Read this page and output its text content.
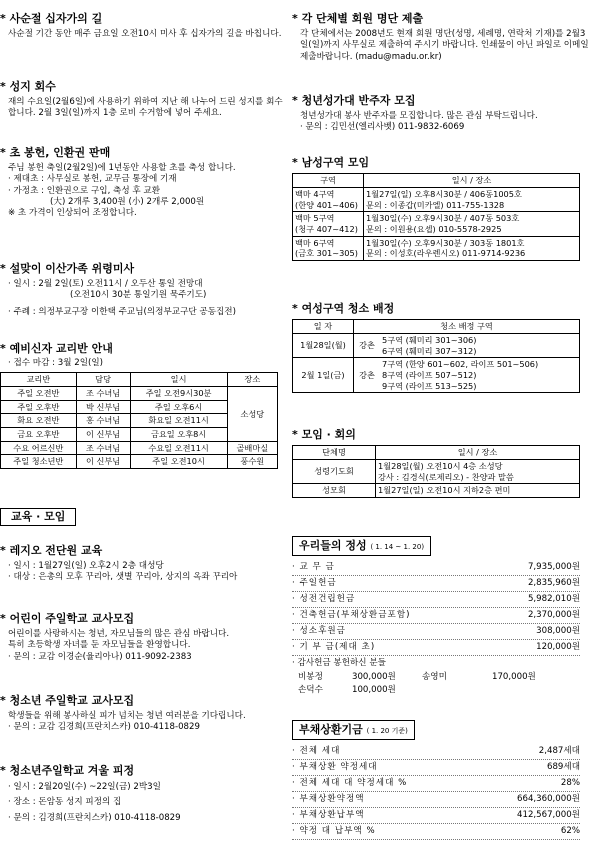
* 사순절 십자가의 길

사순절 기간 동안 매주 금요일 오전10시 미사 후 십자가의 길을 바칩니다.

* 성지 회수

재의 수요일(2월6일)에 사용하기 위하여 지난 해 나누어 드린 성지를 회수 합니다. 2월 3일(일)까지 1층 로비 수거함에 넣어 주세요.

* 초 봉헌, 인환권 판매

주님 봉헌 축일(2월2일)에 1년동안 사용할 초를 축성 합니다.

· 제대초 : 사무실로 봉헌, 교무금 통장에 기재

· 가정초 : 인환권으로 구입, 축성 후 교환

(大) 2개루 3,400원 (小) 2개루 2,000원

※ 초 가격이 인상되어 조정합니다.

* 설맞이 이산가족 위령미사

· 일시 : 2월 2일(토) 오전11시 / 오두산 통일 전망대

(오전10시 30분 통일기원 묵주기도)

· 주례 : 의정부교구장 이한택 주교님(의정부교구단 공동집전)

* 예비신자 교리반 안내

· 접수 마감 : 3월 2일(일)

교리반	담당	일시	장소
주일 오전반	조 수녀님	주일 오전9시30분	소성당
주일 오후반	박 신부님	주일 오후6시	
화요 오전반	홍 수녀님	화요일 오전11시	
금요 오후반	이 신부님	금요일 오후8시	
수요 어르신반	조 수녀님	수요일 오전11시	골배마실
주일 청소년반	이 신부님	주일 오전10시	풍수원
교육 · 모임

* 레지오 전단원 교육

· 일시 : 1월27일(일) 오후2시 2층 대성당

· 대상 : 은총의 모후 꾸리아, 샛별 꾸리아, 상지의 옥좌 꾸리아

* 어린이 주일학교 교사모집

어린이를 사랑하시는 청년, 자모님들의 많은 관심 바랍니다.

특히 초등학생 자녀를 둔 자모님들을 환영합니다.

· 문의 : 교감 이경순(율리아나) 011-9092-2383

* 청소년 주일학교 교사모집

학생들을 위해 봉사하실 피가 넘치는 청년 여러분을 기다립니다.

· 문의 : 교감 김경희(프란치스카) 010-4118-0829

* 청소년주일학교 겨울 피정

· 일시 : 2월20일(수) ~22일(금) 2박3일

· 장소 : 돈암동 성지 피정의 집

· 문의 : 김경희(프란치스카) 010-4118-0829

* 각 단체별 회원 명단 제출

각 단체에서는 2008년도 현재 회원 명단(성명, 세례명, 연락처 기재)를 2월3일(일)까지 사무실로 제출하여 주시기 바랍니다. 인쇄물이 아닌 파일로 이메일 제출바랍니다. (madu@madu.or.kr)

* 청년성가대 반주자 모집

청년성가대 봉사 반주자를 모집합니다. 많은 관심 부탁드립니다.

· 문의 : 김민선(엘리사벳) 011-9832-6069

* 남성구역 모임

구역	일시 / 장소
백마 4구역
(한양 401~406)	1월27일(일) 오후8시30분 / 406동1005호
문의 : 이종갑(미카엘) 011-755-1328
백마 5구역
(청구 407~412)	1월30일(수) 오후9시30분 / 407동 503호
문의 : 이원용(요셉) 010-5578-2925
백마 6구역
(금호 301~305)	1월30일(수) 오후9시30분 / 303동 1801호
문의 : 이성호(라우렌시오) 011-9714-9236

* 여성구역 청소 배정

일 자	청소 배정 구역	
1월28일(월)	강촌	5구역 (훼미리 301~306)
6구역 (훼미리 307~312)
2월 1일(금)	강촌	7구역 (한양 601~602, 라이프 501~506)
8구역 (라이프 507~512)
9구역 (라이프 513~525)

* 모임 · 회의

단체명	일시 / 장소
성령기도회	1월28일(월) 오전10시 4층 소성당
강사 : 김경식(로제리오) - 찬양과 말씀
성모회	1월27일(일) 오전10시 지하2층 편미
우리들의 정성 ( 1. 14 ~ 1. 20)
· 교 무 금	7,935,000원
· 주일헌금	2,835,960원
· 성전건립헌금	5,982,010원
· 건축헌금(부채상환금포함)	2,370,000원
· 성소후원금	308,000원
· 기 부 금(제대 초)	120,000원
· 감사헌금 봉헌하신 분들
비봉정	300,000원	송영미	170,000원
손덕수	100,000원
부채상환기금 ( 1. 20 기준)
· 전체 세대	2,487세대
· 부채상환 약정세대	689세대
· 전체 세대 대 약정세대 %	28%
· 부채상환약정액	664,360,000원
· 부채상환납부액	412,567,000원
· 약정 대 납부액 %	62%
